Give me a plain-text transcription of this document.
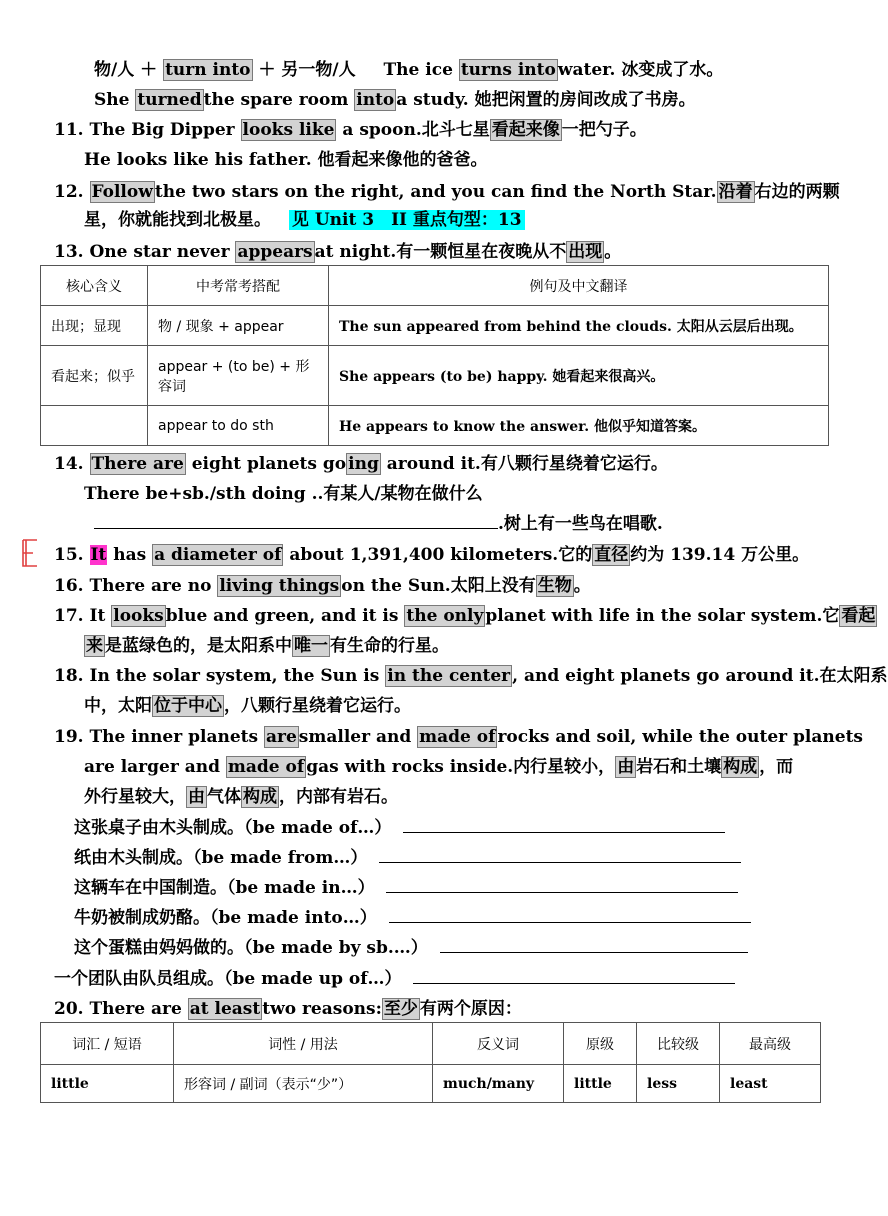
物/人 ＋ turn into ＋ 另一物/人 The ice turns into water. 冰变成了水。
She turned the spare room into a study. 她把闲置的房间改成了书房。
11. The Big Dipper looks like a spoon.北斗七星 看起来像 一把勺子。
He looks like his father. 他看起来像他的爸爸。
12. Follow the two stars on the right, and you can find the North Star. 沿着 右边的两颗
星，你就能找到北极星。 见 Unit 3　II 重点句型：13
13. One star never appears at night.有一颗恒星在夜晚从不 出现 。
核心含义	中考常考搭配	例句及中文翻译
出现；显现	物 / 现象 + appear	The sun appeared from behind the clouds. 太阳从云层后出现。
看起来；似乎	appear + (to be) + 形容词	She appears (to be) happy. 她看起来很高兴。
	appear to do sth	He appears to know the answer. 他似乎知道答案。
14. There are eight planets go ing around it.有八颗行星绕着它运行。
There be+sb./sth doing ..有某人/某物在做什么
.树上有一些鸟在唱歌.
15. It has a diameter of about 1,391,400 kilometers.它的 直径 约为 139.14 万公里。
16. There are no living things on the Sun.太阳上没有 生物 。
17. It looks blue and green, and it is the only planet with life in the solar system.它 看起
来 是蓝绿色的，是太阳系中 唯一 有生命的行星。
18. In the solar system, the Sun is in the center , and eight planets go around it.在太阳系
中，太阳 位于中心 ，八颗行星绕着它运行。
19. The inner planets are smaller and made of rocks and soil, while the outer planets
are larger and made of gas with rocks inside.内行星较小， 由 岩石和土壤 构成 ，而
外行星较大， 由 气体 构成 ，内部有岩石。
这张桌子由木头制成。（be made of…）
纸由木头制成。（be made from…）
这辆车在中国制造。（be made in…）
牛奶被制成奶酪。（be made into…）
这个蛋糕由妈妈做的。（be made by sb.…）
一个团队由队员组成。（be made up of…）
20. There are at least two reasons: 至少 有两个原因：
词汇 / 短语	词性 / 用法	反义词	原级	比较级	最高级
little	形容词 / 副词（表示“少”）	much/many	little	less	least
